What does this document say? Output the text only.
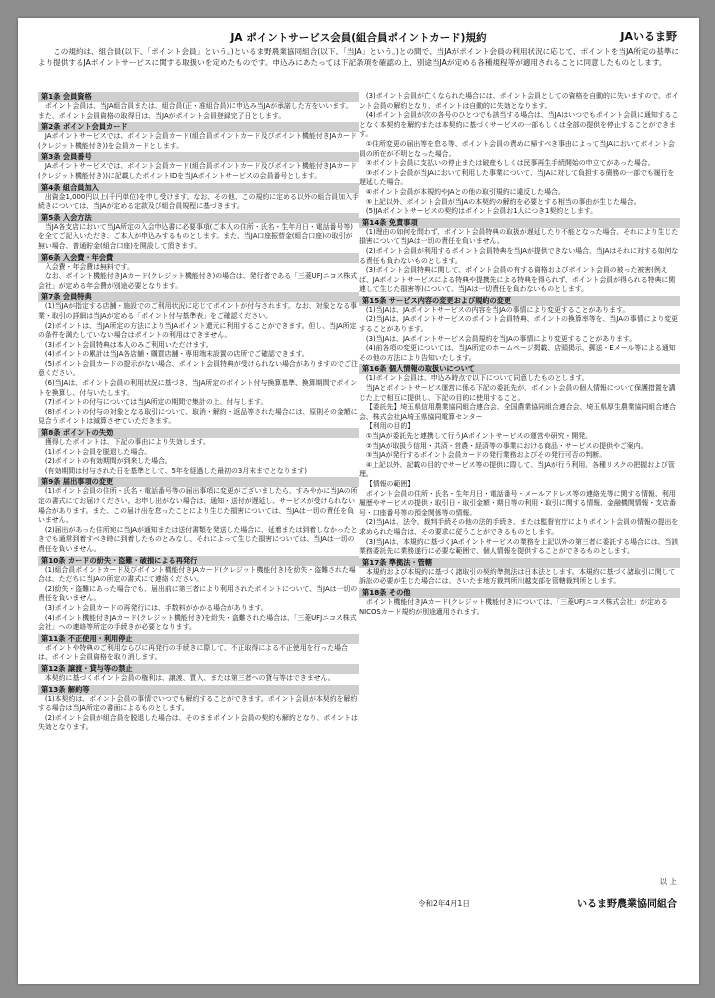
JA ポイントサービス会員(組合員ポイントカード)規約	JAいるま野
この規約は、組合員(以下、「ポイント会員」という。)といるま野農業協同組合(以下、「当JA」という。)との間で、当JAがポイント会員の利用状況に応じて、ポイントを当JA所定の基準により提供するJAポイントサービスに関する取扱いを定めたものです。申込みにあたっては下記条項を確認の上、別途当JAが定める各種規程等が適用されることに同意したものとします。
第1条 会員資格
ポイント会員は、当JA組合員または、組合員(正・准組合員)に申込み当JAが承諾した方をいいます。また、ポイント会員資格の取得日は、当JAがポイント会員登録完了日とします。
第2条 ポイント会員カード
JAポイントサービスでは、ポイント会員カード(組合員ポイントカード及びポイント機能付きJAカード(クレジット機能付き))を会員カードとします。
第3条 会員番号
JAポイントサービスでは、ポイント会員カード(組合員ポイントカード及びポイント機能付きJAカード(クレジット機能付き))に記載したポイントIDを当JAポイントサービスの会員番号とします。
第4条 組合員加入
出資金1,000円以上(千円単位)を申し受けます。なお、その他、この規約に定める以外の組合員加入手続きについては、当JAが定める定款及び組合員規程に基づきます。
第5条 入会方法
当JA各支店において当JA所定の入会申込書に必要事項(ご本人の住所・氏名・生年月日・電話番号等)を全てご記入いただき、ご本人が申込みするものとします。また、当JA口座振替金(組合口座)の取引が無い場合、普通貯金(組合口座)を開設して頂きます。
第6条 入会費・年会費
入会費・年会費は無料です。
なお、ポイント機能付きJAカード(クレジット機能付き)の場合は、発行者である「三菱UFJニコス株式会社」が定める年会費が別途必要となります。
第7条 会員特典
(1)当JAが指定する店舗・施設でのご利用状況に応じてポイントが付与されます。なお、対象となる事業・取引の詳細は当JAが定める「ポイント付与基準表」をご確認ください。
(2)ポイントは、当JA所定の方法により当JAポイント還元に利用することができます。但し、当JA所定の条件を満たしていない場合はポイントの利用はできません。
(3)ポイント会員特典は本人のみご利用いただけます。
(4)ポイントの累計は当JA各店舗・購買店舗・専用端末設置の店所でご確認できます。
(5)ポイント会員カードの提示がない場合、ポイント会員特典が受けられない場合がありますのでご注意ください。
(6)当JAは、ポイント会員の利用状況に基づき、当JA所定のポイント付与換算基準、換算期間でポイントを換算し、付与いたします。
(7)ポイントの付与については当JA所定の期間で集計の上、付与します。
(8)ポイントの付与の対象となる取引について、取消・解約・返品等された場合には、原則その金額に見合うポイントは減算させていただきます。
第8条 ポイントの失効
獲得したポイントは、下記の事由により失効します。
(1)ポイント会員を脱退した場合。
(2)ポイントの有効期間が到来した場合。
(有効期間は付与された日を基準として、5年を経過した最初の3月末までとなります)
第9条 届出事項の変更
(1)ポイント会員の住所・氏名・電話番号等の届出事項に変更がございましたら、すみやかに当JAの所定の書式にてお届けください。お申し出がない場合は、通知・送付が遅延し、サービスが受けられない場合があります。また、この届け出を怠ったことにより生じた損害については、当JAは一切の責任を負いません。
(2)届出があった住所宛に当JAが通知または送付書類を発送した場合に、延着または到着しなかったときでも通常到着すべき時に到着したものとみなし、それによって生じた損害については、当JAは一切の責任を負いません。
第10条 カードの紛失・盗難・破損による再発行
(1)組合員ポイントカード及びポイント機能付きJAカード(クレジット機能付き)を紛失・盗難された場合は、ただちに当JAの所定の書式にて連絡ください。
(2)紛失・盗難にあった場合でも、届出前に第三者により利用されたポイントについて、当JAは一切の責任を負いません。
(3)ポイント会員カードの再発行には、手数料がかかる場合があります。
(4)ポイント機能付きJAカード(クレジット機能付き)を紛失・盗難された場合は、「三菱UFJニコス株式会社」への連絡等所定の手続きが必要となります。
第11条 不正使用・利用停止
ポイントや特典のご利用ならびに再発行の手続きに際して、不正取得による不正使用を行った場合は、ポイント会員資格を取り消します。
第12条 譲渡・貸与等の禁止
本契約に基づくポイント会員の権利は、譲渡、質入、または第三者への貸与等はできません。
第13条 解約等
(1)本契約は、ポイント会員の事情でいつでも解約することができます。ポイント会員が本契約を解約する場合は当JA所定の書面によるものとします。
(2)ポイント会員が組合員を脱退した場合は、そのままポイント会員の契約も解約となり、ポイントは失効となります。
(3)ポイント会員が亡くなられた場合には、ポイント会員としての資格を自動的に失いますので、ポイント会員の解約となり、ポイントは自動的に失効となります。
(4)ポイント会員が次の各号のひとつでも該当する場合は、当JAはいつでもポイント会員に通知することなく本契約を解約または本契約に基づくサービスの一部もしくは全部の提供を停止することができます。
①住所変更の届出等を怠る等、ポイント会員の責めに帰すべき事由によって当JAにおいてポイント会員の所在が不明となった場合。
②ポイント会員に支払いの停止または破産もしくは民事再生手続開始の申立てがあった場合。
③ポイント会員が当JAにおいて利用した事業について、当JAに対して負担する債務の一部でも履行を遅延した場合。
④ポイント会員が本規約やJAとの他の取引規約に違反した場合。
⑤上記以外、ポイント会員が当JAの本契約の解約を必要とする相当の事由が生じた場合。
(5)JAポイントサービスの契約はポイント会員お1人につき1契約とします。
第14条 免責事項
(1)理由の如何を問わず、ポイント会員特典の取扱が遅延したり不能となった場合、それにより生じた損害について当JAは一切の責任を負いません。
(2)ポイント会員が利用するポイント会員特典を当JAが提供できない場合、当JAはそれに対する如何なる責任も負わないものとします。
(3)ポイント会員特典に関して、ポイント会員の有する資格およびポイント会員の被った被害(例えば、JAポイントサービスによる特典や提携先による特典を得られず、ポイント会員が得られる特典に関連して生じた損害等)について、当JAは一切責任を負わないものとします。
第15条 サービス内容の変更および規約の変更
(1)当JAは、JAポイントサービスの内容を当JAの事情により変更することがあります。
(2)当JAは、JAポイントサービスのポイント会員特典、ポイントの換算率等を、当JAの事情により変更することがあります。
(3)当JAは、JAポイントサービス会員規約を当JAの事情により変更することがあります。
(4)前各項の変更については、当JA所定のホームページ掲載、店頭掲示、郵送・Eメール等による通知その他の方法により告知いたします。
第16条 個人情報の取扱いについて
(1)ポイント会員は、申込み時点で以下について同意したものとします。
当JAとポイントサービス運営に係る下記の委託先が、ポイント会員の個人情報について保護措置を講じた上で相互に提供し、下記の目的に使用すること。
【委託先】埼玉県信用農業協同組合連合会、全国農業協同組合連合会、埼玉県厚生農業協同組合連合会、株式会社JA埼玉県協同電算センター
【利用の目的】
①当JAが委託先と連携して行うJAポイントサービスの運営や研究・開発。
②当JAが取扱う信用・共済・営農・経済等の事業における商品・サービスの提供やご案内。
③当JAが発行するポイント会員カードの発行業務およびその発行可否の判断。
④上記以外、記載の目的でサービス等の提供に際して、当JAが行う利用、各種リスクの把握および管理。
【情報の範囲】
ポイント会員の住所・氏名・生年月日・電話番号・メールアドレス等の連絡先等に関する情報、利用履歴やサービスの提供・取引日・取引金額・期日等の利用・取引に関する情報、金融機関情報・支店番号・口座番号等の預金関係等の情報。
(2)当JAは、法令、裁判手続その他の法的手続き、または監督官庁によりポイント会員の情報の提出を求められた場合は、その要求に従うことができるものとします。
(3)当JAは、本規約に基づくJAポイントサービスの業務を上記以外の第三者に委託する場合には、当該業務委託先に業務遂行に必要な範囲で、個人情報を提供することができるものとします。
第17条 準拠法・管轄
本規約および本規約に基づく諸取引の契約準拠法は日本法とします。本規約に基づく諸取引に関して訴訟の必要が生じた場合には、さいたま地方裁判所川越支部を管轄裁判所とします。
第18条 その他
ポイント機能付きJAカード(クレジット機能付き)については、「三菱UFJニコス株式会社」が定めるNICOSカード規約が別途適用されます。
以 上
令和2年4月1日	いるま野農業協同組合
